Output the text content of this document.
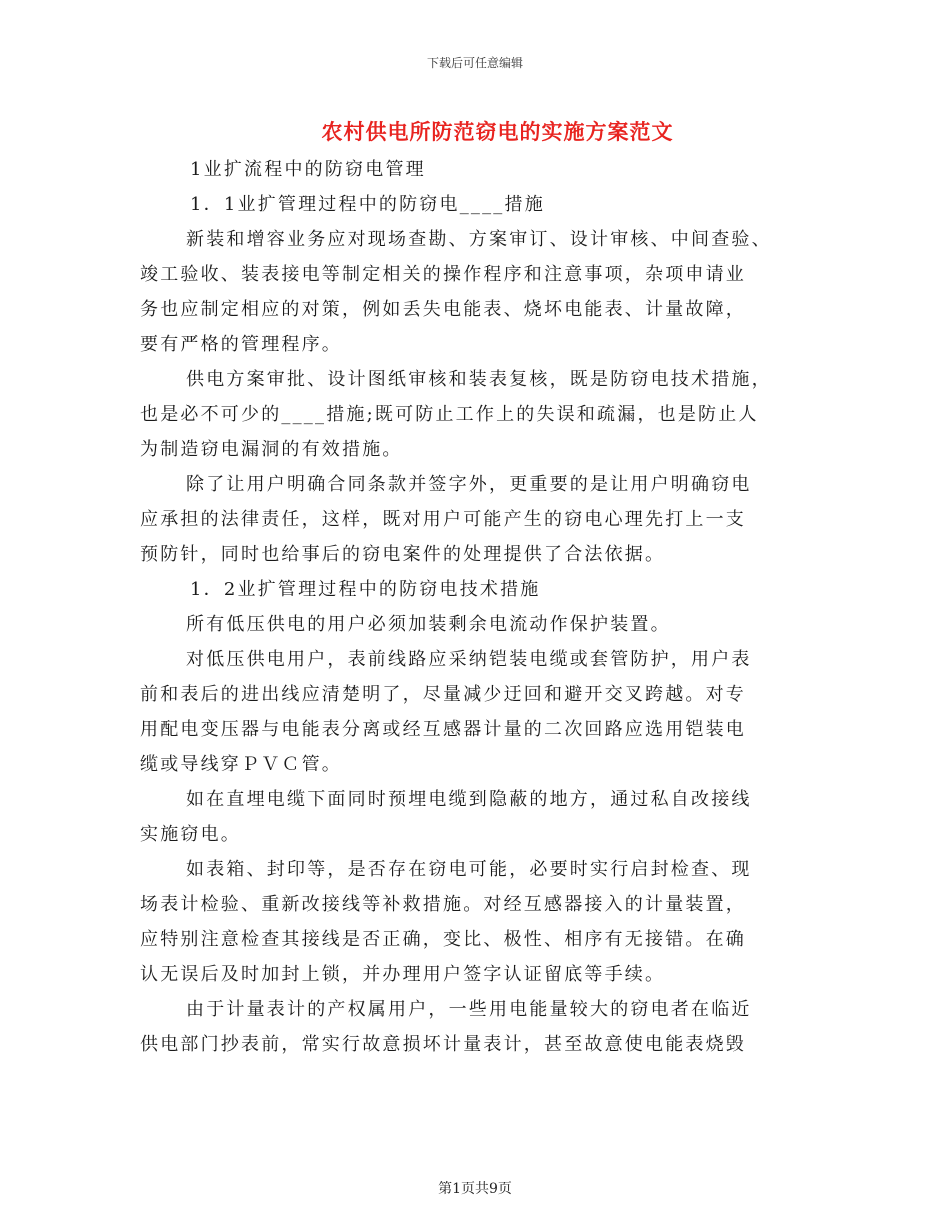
下载后可任意编辑
农村供电所防范窃电的实施方案范文

1业扩流程中的防窃电管理

1．1业扩管理过程中的防窃电____措施

新装和增容业务应对现场查勘、方案审订、设计审核、中间查验、

竣工验收、装表接电等制定相关的操作程序和注意事项，杂项申请业

务也应制定相应的对策，例如丢失电能表、烧坏电能表、计量故障，

要有严格的管理程序。

供电方案审批、设计图纸审核和装表复核，既是防窃电技术措施，

也是必不可少的____措施;既可防止工作上的失误和疏漏，也是防止人

为制造窃电漏洞的有效措施。

除了让用户明确合同条款并签字外，更重要的是让用户明确窃电

应承担的法律责任，这样，既对用户可能产生的窃电心理先打上一支

预防针，同时也给事后的窃电案件的处理提供了合法依据。

1．2业扩管理过程中的防窃电技术措施

所有低压供电的用户必须加装剩余电流动作保护装置。

对低压供电用户，表前线路应采纳铠装电缆或套管防护，用户表

前和表后的进出线应清楚明了，尽量减少迂回和避开交叉跨越。对专

用配电变压器与电能表分离或经互感器计量的二次回路应选用铠装电

缆或导线穿ＰＶＣ管。

如在直埋电缆下面同时预埋电缆到隐蔽的地方，通过私自改接线

实施窃电。

如表箱、封印等，是否存在窃电可能，必要时实行启封检查、现

场表计检验、重新改接线等补救措施。对经互感器接入的计量装置，

应特别注意检查其接线是否正确，变比、极性、相序有无接错。在确

认无误后及时加封上锁，并办理用户签字认证留底等手续。

由于计量表计的产权属用户，一些用电能量较大的窃电者在临近

供电部门抄表前，常实行故意损坏计量表计，甚至故意使电能表烧毁

第1页共9页
